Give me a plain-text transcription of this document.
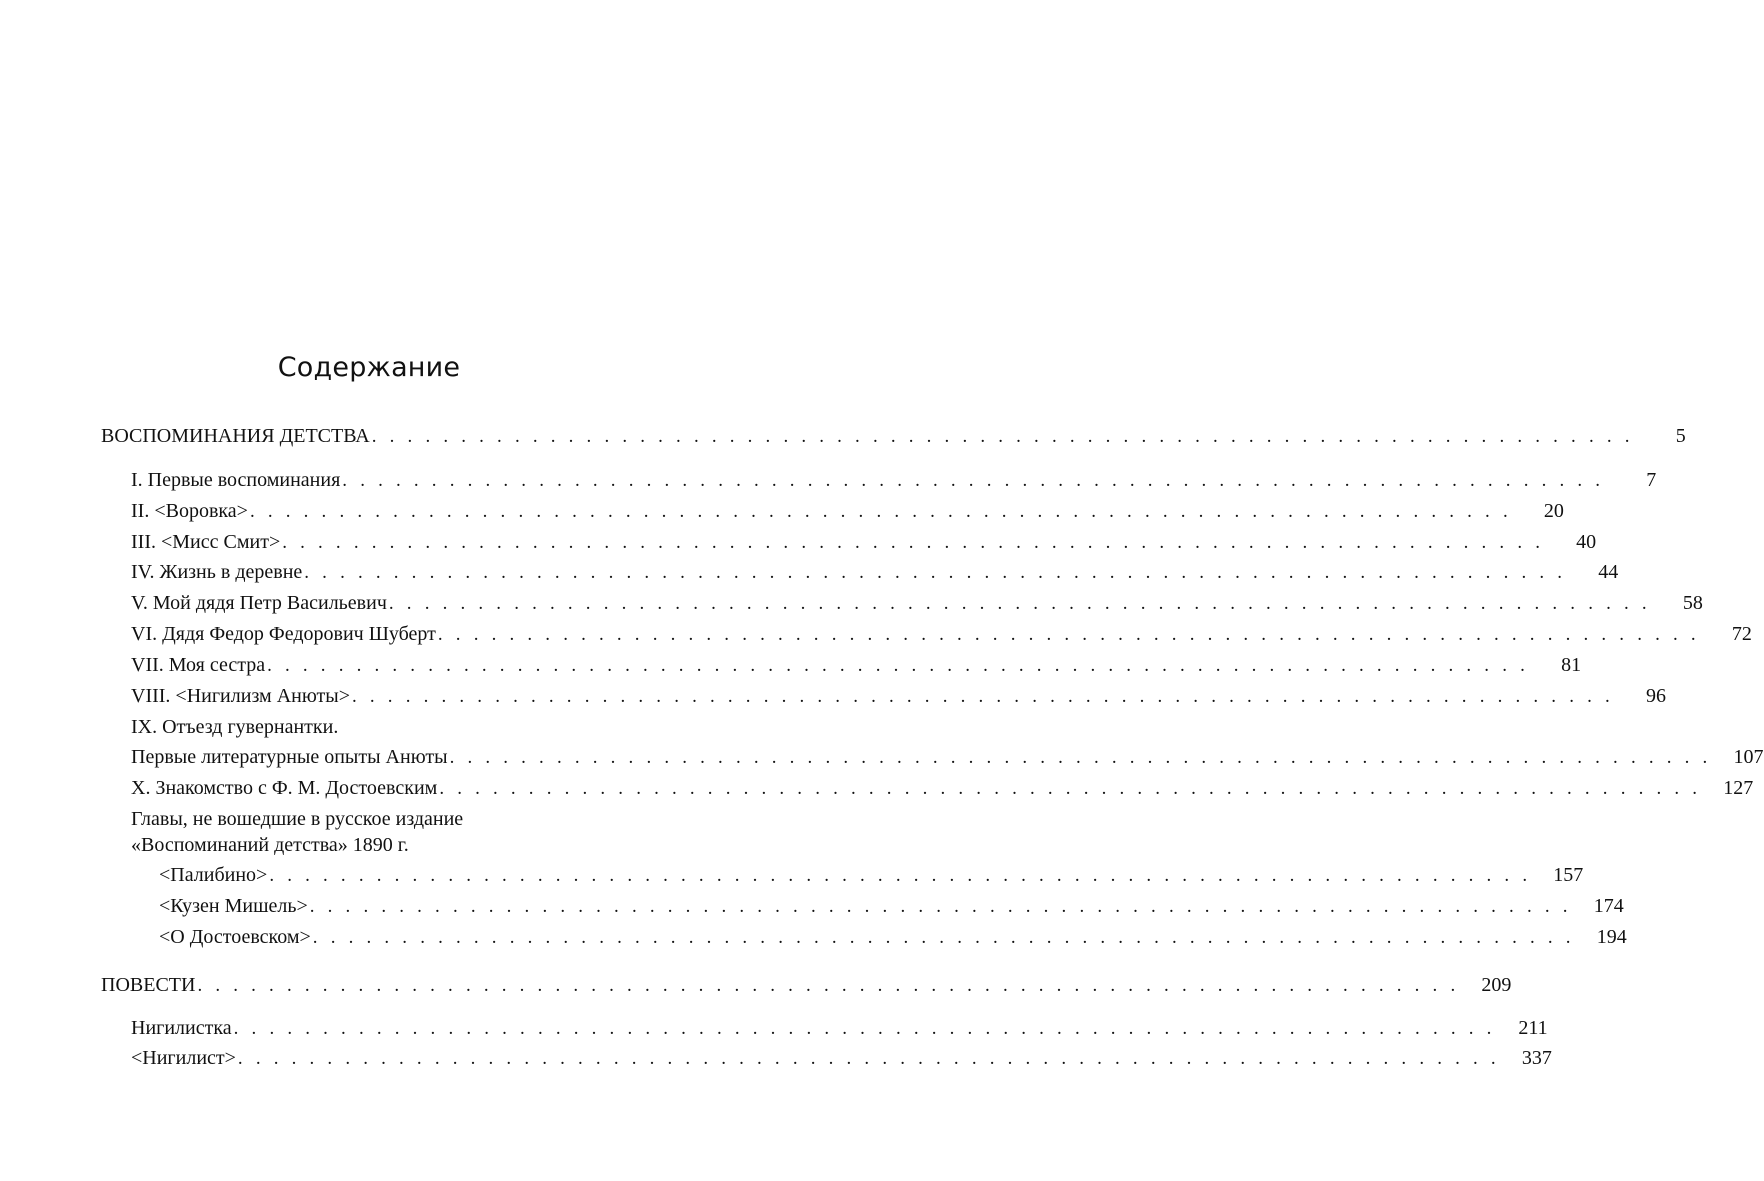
Содержание
ВОСПОМИНАНИЯ ДЕТСТВА . . . . . . . . . . . . . . . . . . . . . . . . . . . . . . . . . . . . . . . . . . . . . . . . . . . . . . . . . . . . . . . . . . . . . . .	5
I. Первые воспоминания . . . . . . . . . . . . . . . . . . . . . . . . . . . . . . . . . . . . . . . . . . . . . . . . . . . . . . . . . . . . . . . . . . . . . . .	7
II. <Воровка> . . . . . . . . . . . . . . . . . . . . . . . . . . . . . . . . . . . . . . . . . . . . . . . . . . . . . . . . . . . . . . . . . . . . . . .	20
III. <Мисс Смит> . . . . . . . . . . . . . . . . . . . . . . . . . . . . . . . . . . . . . . . . . . . . . . . . . . . . . . . . . . . . . . . . . . . . . . .	40
IV. Жизнь в деревне . . . . . . . . . . . . . . . . . . . . . . . . . . . . . . . . . . . . . . . . . . . . . . . . . . . . . . . . . . . . . . . . . . . . . . .	44
V. Мой дядя Петр Васильевич . . . . . . . . . . . . . . . . . . . . . . . . . . . . . . . . . . . . . . . . . . . . . . . . . . . . . . . . . . . . . . . . . . . . . . .	58
VI. Дядя Федор Федорович Шуберт . . . . . . . . . . . . . . . . . . . . . . . . . . . . . . . . . . . . . . . . . . . . . . . . . . . . . . . . . . . . . . . . . . . . . . .	72
VII. Моя сестра . . . . . . . . . . . . . . . . . . . . . . . . . . . . . . . . . . . . . . . . . . . . . . . . . . . . . . . . . . . . . . . . . . . . . . .	81
VIII. <Нигилизм Анюты> . . . . . . . . . . . . . . . . . . . . . . . . . . . . . . . . . . . . . . . . . . . . . . . . . . . . . . . . . . . . . . . . . . . . . . .	96
IX. Отъезд гувернантки.
Первые литературные опыты Анюты . . . . . . . . . . . . . . . . . . . . . . . . . . . . . . . . . . . . . . . . . . . . . . . . . . . . . . . . . . . . . . . . . . . . . . .	107
X. Знакомство с Ф. М. Достоевским . . . . . . . . . . . . . . . . . . . . . . . . . . . . . . . . . . . . . . . . . . . . . . . . . . . . . . . . . . . . . . . . . . . . . . .	127
Главы, не вошедшие в русское издание
«Воспоминаний детства» 1890 г.
<Палибино> . . . . . . . . . . . . . . . . . . . . . . . . . . . . . . . . . . . . . . . . . . . . . . . . . . . . . . . . . . . . . . . . . . . . . . .	157
<Кузен Мишель> . . . . . . . . . . . . . . . . . . . . . . . . . . . . . . . . . . . . . . . . . . . . . . . . . . . . . . . . . . . . . . . . . . . . . . .	174
<О Достоевском> . . . . . . . . . . . . . . . . . . . . . . . . . . . . . . . . . . . . . . . . . . . . . . . . . . . . . . . . . . . . . . . . . . . . . . .	194
ПОВЕСТИ . . . . . . . . . . . . . . . . . . . . . . . . . . . . . . . . . . . . . . . . . . . . . . . . . . . . . . . . . . . . . . . . . . . . . . .	209
Нигилистка . . . . . . . . . . . . . . . . . . . . . . . . . . . . . . . . . . . . . . . . . . . . . . . . . . . . . . . . . . . . . . . . . . . . . . .	211
<Нигилист> . . . . . . . . . . . . . . . . . . . . . . . . . . . . . . . . . . . . . . . . . . . . . . . . . . . . . . . . . . . . . . . . . . . . . . .	337
